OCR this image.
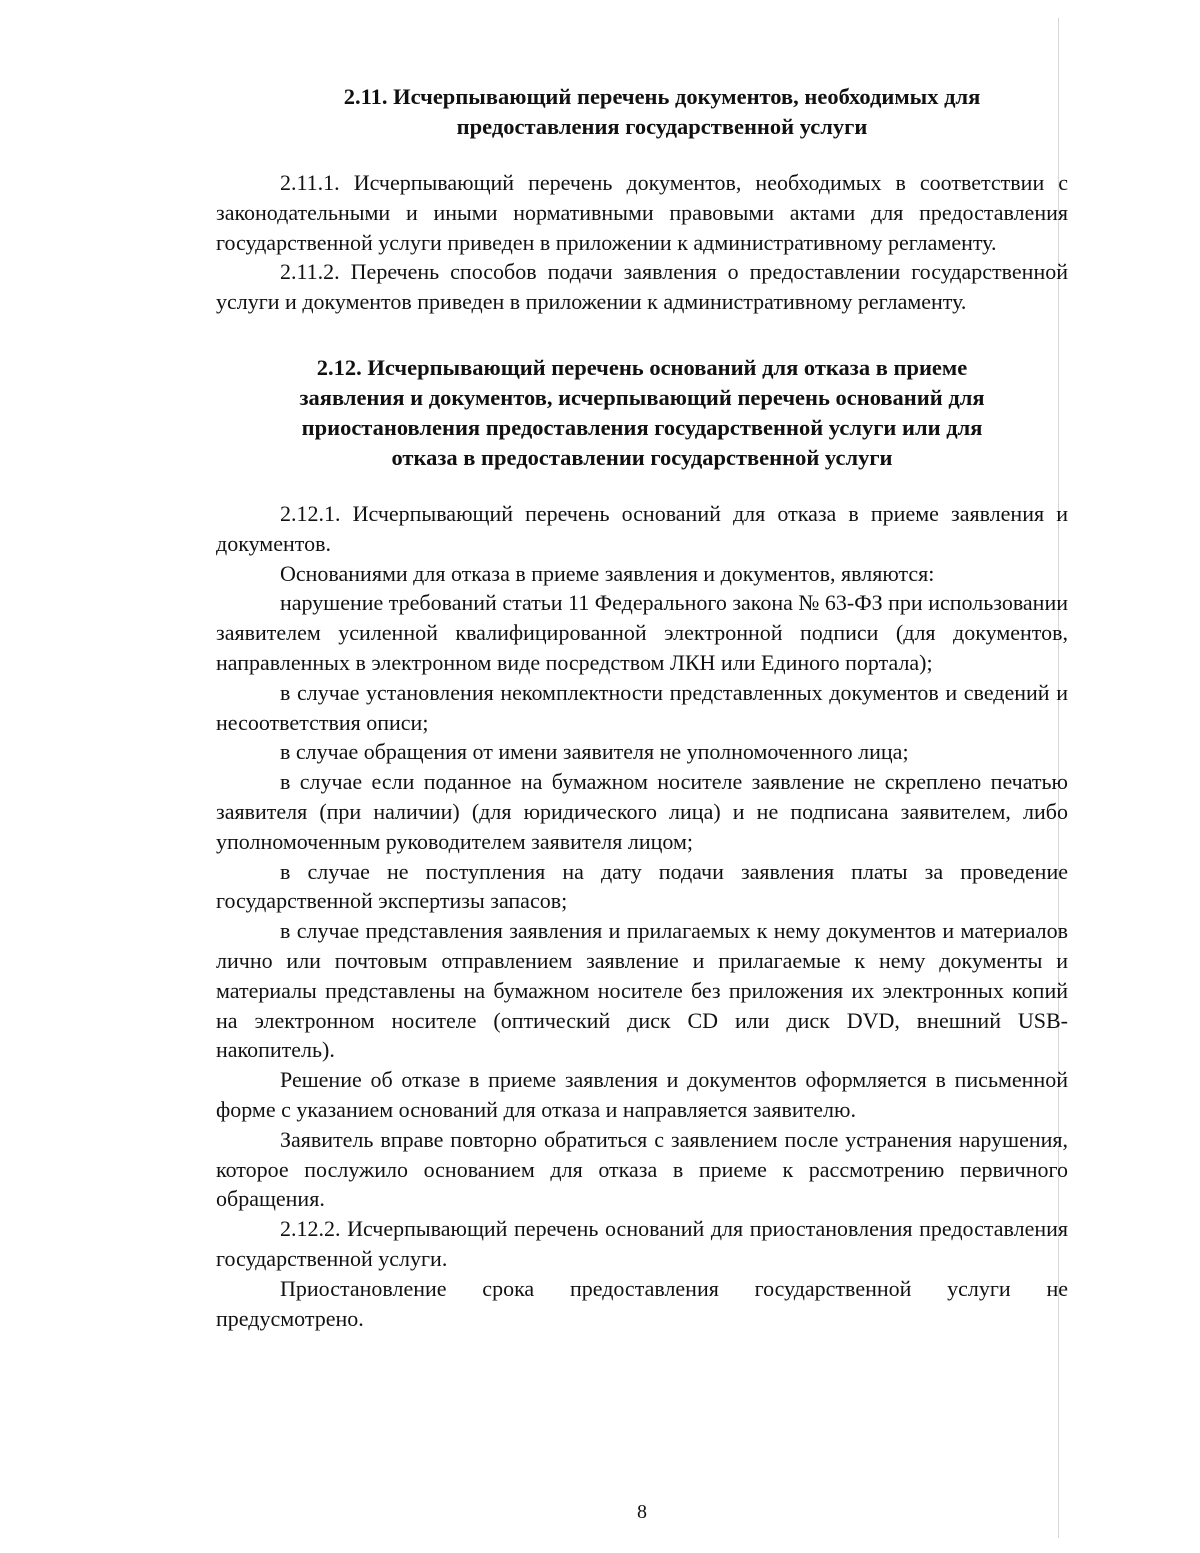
2.11. Исчерпывающий перечень документов, необходимых для
предоставления государственной услуги

2.11.1. Исчерпывающий перечень документов, необходимых в соответствии с законодательными и иными нормативными правовыми актами для предоставления государственной услуги приведен в приложении к административному регламенту.

2.11.2. Перечень способов подачи заявления о предоставлении государственной услуги и документов приведен в приложении к административному регламенту.

2.12. Исчерпывающий перечень оснований для отказа в приеме
заявления и документов, исчерпывающий перечень оснований для
приостановления предоставления государственной услуги или для
отказа в предоставлении государственной услуги

2.12.1. Исчерпывающий перечень оснований для отказа в приеме заявления и документов.

Основаниями для отказа в приеме заявления и документов, являются:

нарушение требований статьи 11 Федерального закона № 63-ФЗ при использовании заявителем усиленной квалифицированной электронной подписи (для документов, направленных в электронном виде посредством ЛКН или Единого портала);

в случае установления некомплектности представленных документов и сведений и несоответствия описи;

в случае обращения от имени заявителя не уполномоченного лица;

в случае если поданное на бумажном носителе заявление не скреплено печатью заявителя (при наличии) (для юридического лица) и не подписана заявителем, либо уполномоченным руководителем заявителя лицом;

в случае не поступления на дату подачи заявления платы за проведение государственной экспертизы запасов;

в случае представления заявления и прилагаемых к нему документов и материалов лично или почтовым отправлением заявление и прилагаемые к нему документы и материалы представлены на бумажном носителе без приложения их электронных копий на электронном носителе (оптический диск CD или диск DVD, внешний USB-накопитель).

Решение об отказе в приеме заявления и документов оформляется в письменной форме с указанием оснований для отказа и направляется заявителю.

Заявитель вправе повторно обратиться с заявлением после устранения нарушения, которое послужило основанием для отказа в приеме к рассмотрению первичного обращения.

2.12.2. Исчерпывающий перечень оснований для приостановления предоставления государственной услуги.

Приостановление срока предоставления государственной услуги не предусмотрено.

8
